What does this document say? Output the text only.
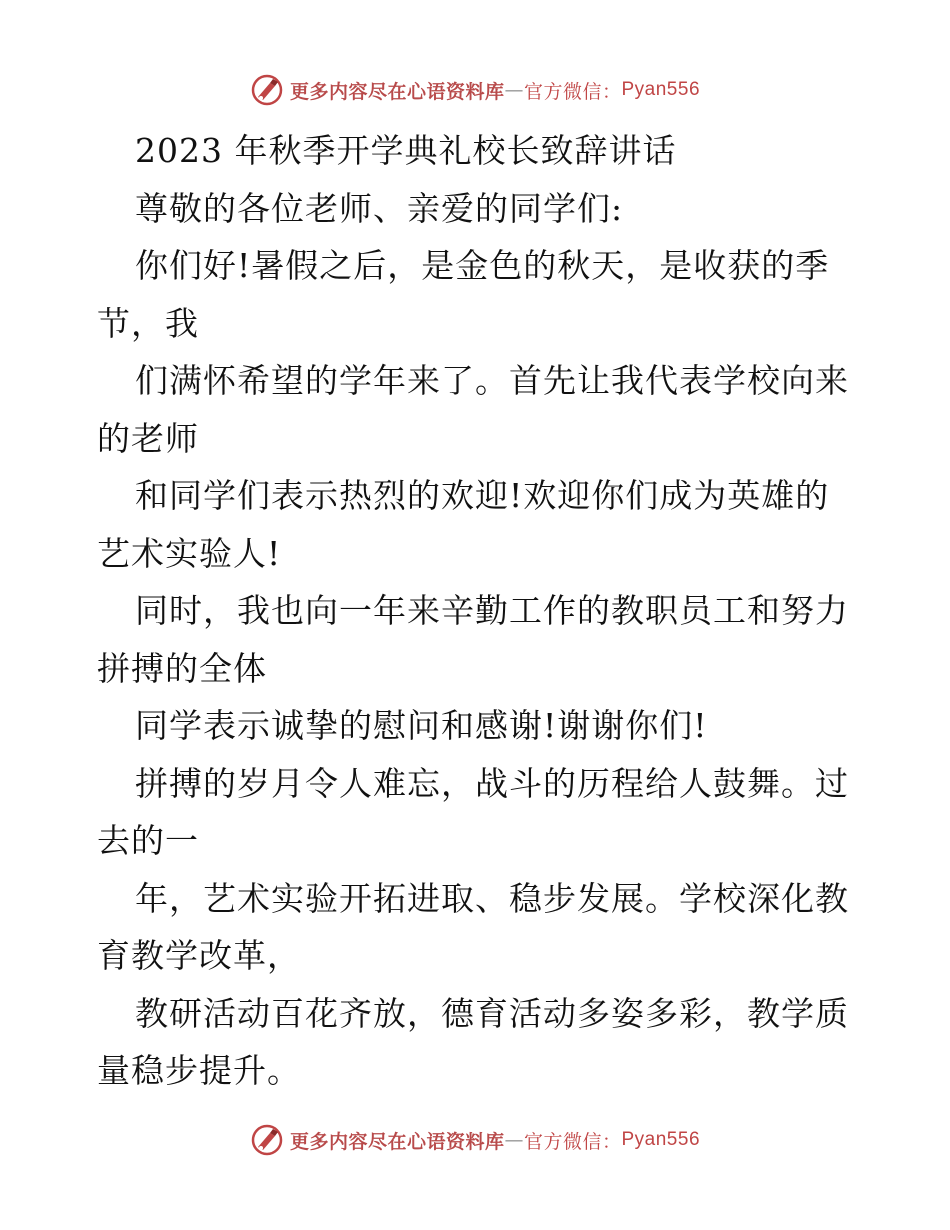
更多内容尽在心语资料库 — 官方微信： Pyan556
2023 年秋季开学典礼校长致辞讲话
尊敬的各位老师、亲爱的同学们:
你们好!暑假之后，是金色的秋天，是收获的季
节，我
们满怀希望的学年来了。首先让我代表学校向来
的老师
和同学们表示热烈的欢迎!欢迎你们成为英雄的
艺术实验人!
同时，我也向一年来辛勤工作的教职员工和努力
拼搏的全体
同学表示诚挚的慰问和感谢!谢谢你们!
拼搏的岁月令人难忘，战斗的历程给人鼓舞。过
去的一
年，艺术实验开拓进取、稳步发展。学校深化教
育教学改革，
教研活动百花齐放，德育活动多姿多彩，教学质
量稳步提升。
更多内容尽在心语资料库 — 官方微信： Pyan556
